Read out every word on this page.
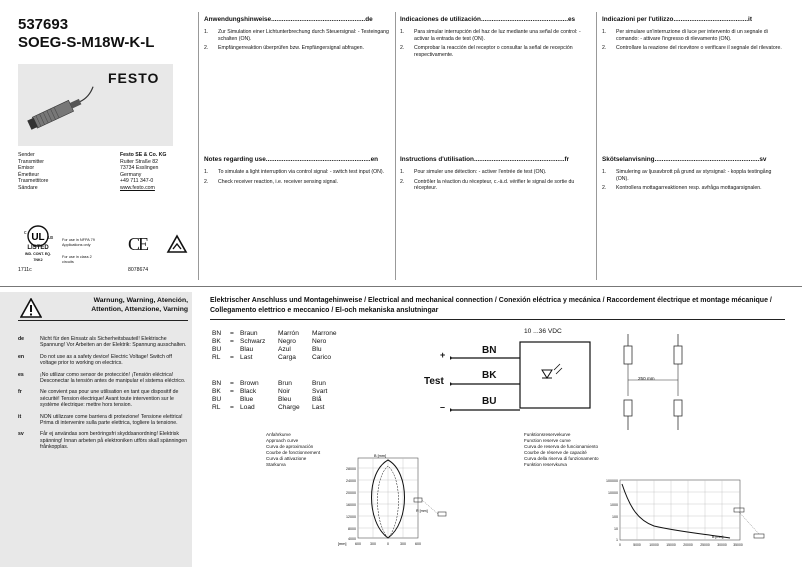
537693
SOEG-S-M18W-K-L
FESTO
Sender
Transmitter
Emisor
Émetteur
Trasmettitore
Sändare
Festo SE & Co. KG
Ruiter Straße 82
73734 Esslingen
Germany
+49 711 347-0
www.festo.com
UL
c
us
LISTED
IND. CONT. EQ.
7NK2
For use in NFPA 79 Applications only
For use in class 2 circuits
CE
1711c	8078674
Anwendungshinweise.....................................................de
1.	Zur Simulation einer Lichtunterbrechung durch Steuersignal: - Testeingang schalten (ON).
2.	Empfängerreaktion überprüfen bzw. Empfängersignal abfragen.
Indicaciones de utilización.................................................es
1.	Para simular interrupción del haz de luz mediante una señal de control: - activar la entrada de test (ON).
2.	Comprobar la reacción del receptor o consultar la señal de recepción respectivamente.
Indicazioni per l'utilizzo..........................................it
1.	Per simulare un'interruzione di luce per intervento di un segnale di comando: - attivare l'ingresso di rilevamento (ON).
2.	Controllare la reazione del ricevitore o verificare il segnale del rilevatore.
Notes regarding use...........................................................en
1.	To simulate a light interruption via control signal: - switch test input (ON).
2.	Check receiver reaction, i.e. receiver sensing signal.
Instructions d'utilisation...................................................fr
1.	Pour simuler une détection: - activer l'entrée de test (ON).
2.	Contrôler la réaction du récepteur, c.-à.d. vérifier le signal de sortie du récepteur.
Skötselanvisning...........................................................sv
1.	Simulering av ljusavbrott på grund av styrsignal: - koppla testingång (ON).
2.	Kontrollera mottagarreaktionen resp. avfråga mottagarsignalen.
Warnung, Warning, Atención, Attention, Attenzione, Varning
de	Nicht für den Einsatz als Sicherheitsbauteil! Elektrische Spannung! Vor Arbeiten an der Elektrik: Spannung ausschalten.
en	Do not use as a safety device! Electric Voltage! Switch off voltage prior to working on electrics.
es	¡No utilizar como sensor de protección! ¡Tensión eléctrica! Desconectar la tensión antes de manipular el sistema eléctrico.
fr	Ne convient pas pour une utilisation en tant que dispositif de sécurité! Tension électrique! Avant toute intervention sur le système électrique: mettre hors tension.
it	NON utilizzare come barriera di protezione! Tensione elettrica! Prima di intervenire sulla parte elettrica, togliere la tensione.
sv	Får ej användas som beröringsfri skyddsanordning! Elektrisk spänning! Innan arbeten på elektroniken utförs skall spänningen frånkopplas.
Elektrischer Anschluss und Montagehinweise / Electrical and mechanical connection / Conexión eléctrica y mecánica / Raccordement électrique et montage mécanique / Collegamento elettrico e meccanico / El-och mekaniska anslutningar
BN	= Braun	Marrón	Marrone
BK	= Schwarz	Negro	Nero
BU	Blau	Azul	Blu
RL	= Last	Carga	Carico
BN	= Brown	Brun	Brun
BK	= Black	Noir	Svart
BU	Blue	Bleu	Blå
RL	= Load	Charge	Last
10 ...36 VDC
+
Test
–
BN
BK
BU
250 mm
Anfahrkurve
Approach curve
Curva de aproximación
Courbe de fonctionnement
Curva di attivazione
Starkurva
28000
24000
20000
16000
12000
8000
4000
600	300	0	300	600
B [mm]
[mm]
R [mm]
Funktionsreservekurve
Function reserve curve
Curva de reserva de funcionamiento
Courbe de réserve de capacité
Curva della riserva di funzionamento
Funktion reservkurva
100000
10000
1000
100
10
1
0	5000	10000 15000 20000 25000 30000 35000
B [mm]
